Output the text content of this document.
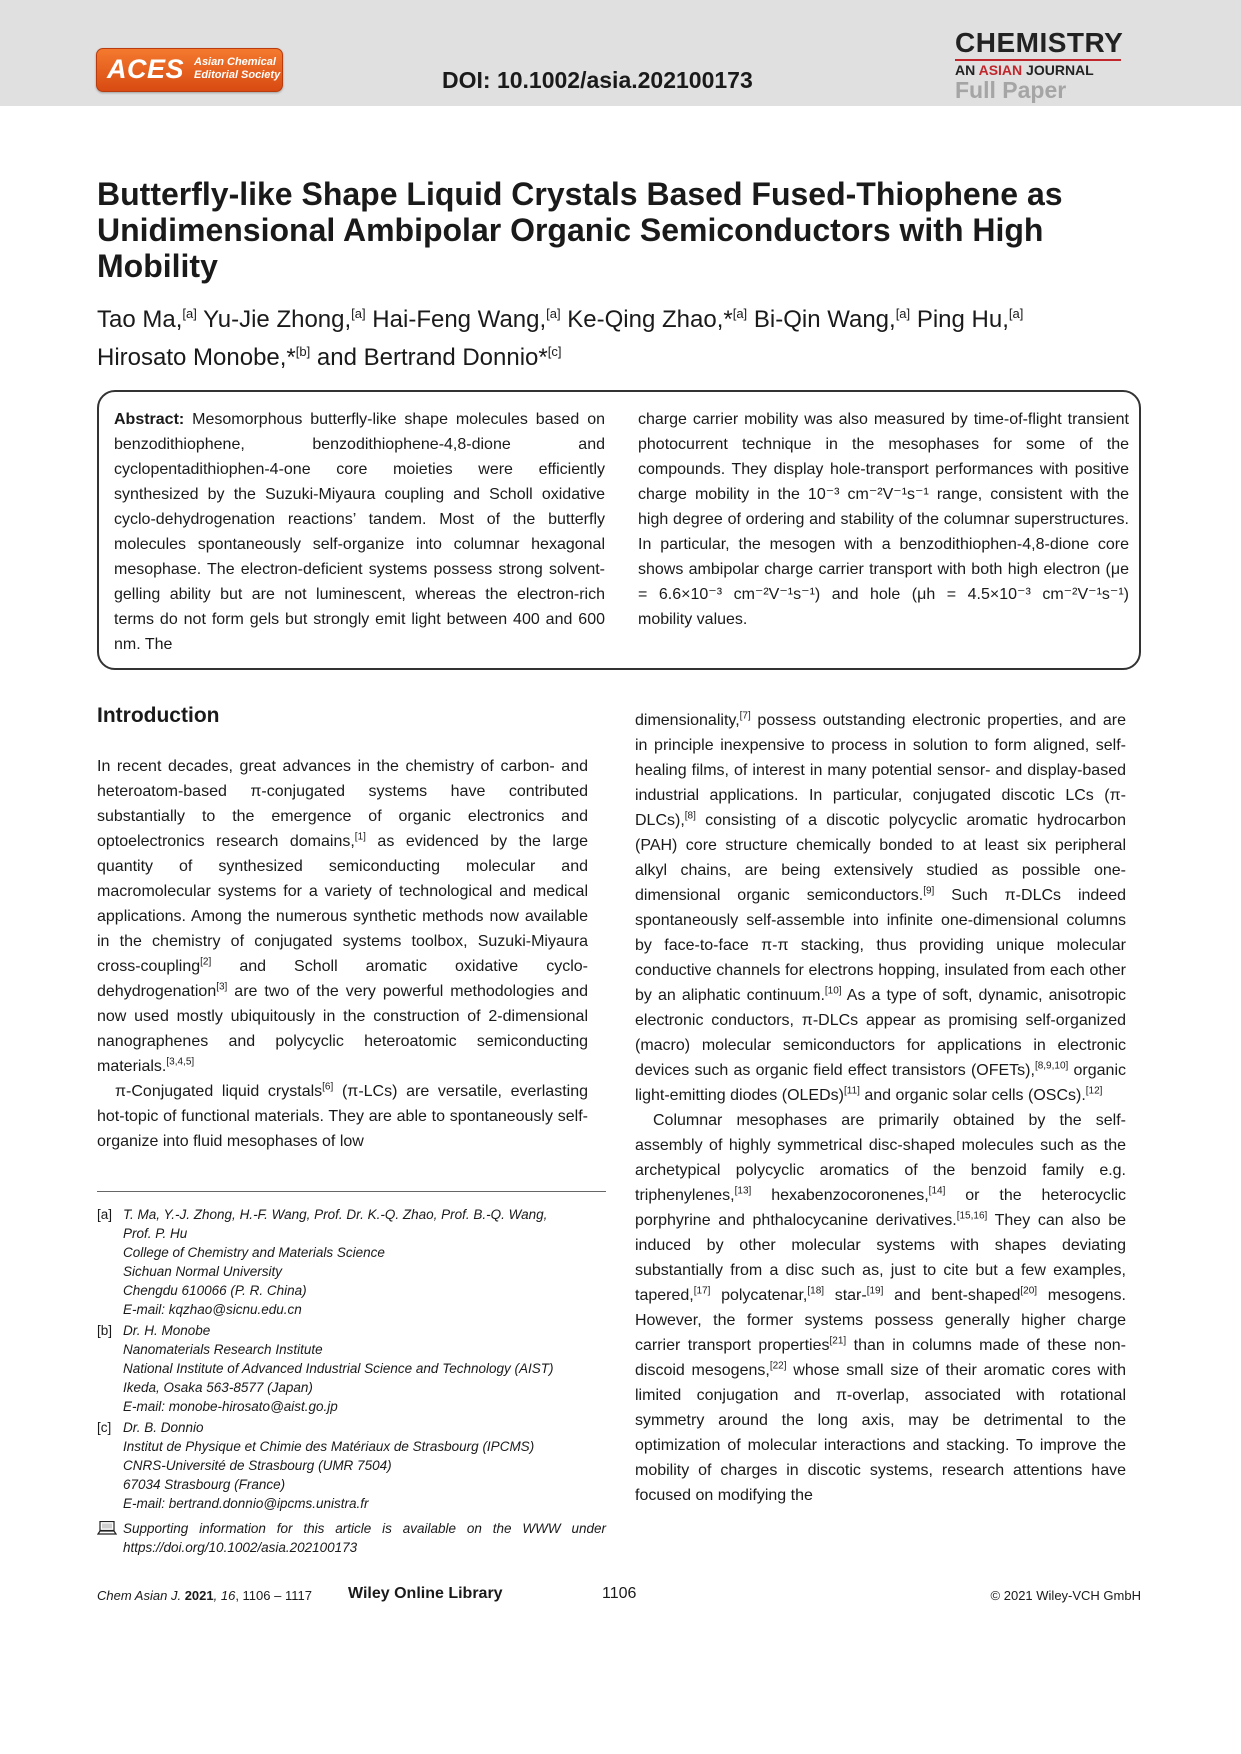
ACES Asian Chemical
Editorial Society	DOI: 10.1002/asia.202100173
CHEMISTRY
AN ASIAN JOURNAL
Full Paper
Butterfly-like Shape Liquid Crystals Based Fused-Thiophene as Unidimensional Ambipolar Organic Semiconductors with High Mobility
Tao Ma,[a] Yu-Jie Zhong,[a] Hai-Feng Wang,[a] Ke-Qing Zhao,*[a] Bi-Qin Wang,[a] Ping Hu,[a]
Hirosato Monobe,*[b] and Bertrand Donnio*[c]

Abstract: Mesomorphous butterfly-like shape molecules based on benzodithiophene, benzodithiophene-4,8-dione and cyclopentadithiophen-4-one core moieties were efficiently synthesized by the Suzuki-Miyaura coupling and Scholl oxidative cyclo-dehydrogenation reactions’ tandem. Most of the butterfly molecules spontaneously self-organize into columnar hexagonal mesophase. The electron-deficient systems possess strong solvent-gelling ability but are not luminescent, whereas the electron-rich terms do not form gels but strongly emit light between 400 and 600 nm. The

charge carrier mobility was also measured by time-of-flight transient photocurrent technique in the mesophases for some of the compounds. They display hole-transport performances with positive charge mobility in the 10⁻³ cm⁻²V⁻¹s⁻¹ range, consistent with the high degree of ordering and stability of the columnar superstructures. In particular, the mesogen with a benzodithiophen-4,8-dione core shows ambipolar charge carrier transport with both high electron (μe = 6.6×10⁻³ cm⁻²V⁻¹s⁻¹) and hole (μh = 4.5×10⁻³ cm⁻²V⁻¹s⁻¹) mobility values.

Introduction

In recent decades, great advances in the chemistry of carbon- and heteroatom-based π-conjugated systems have contributed substantially to the emergence of organic electronics and optoelectronics research domains,[1] as evidenced by the large quantity of synthesized semiconducting molecular and macromolecular systems for a variety of technological and medical applications. Among the numerous synthetic methods now available in the chemistry of conjugated systems toolbox, Suzuki-Miyaura cross-coupling[2] and Scholl aromatic oxidative cyclo-dehydrogenation[3] are two of the very powerful methodologies and now used mostly ubiquitously in the construction of 2-dimensional nanographenes and polycyclic heteroatomic semiconducting materials.[3,4,5]

π-Conjugated liquid crystals[6] (π-LCs) are versatile, everlasting hot-topic of functional materials. They are able to spontaneously self-organize into fluid mesophases of low

[a] T. Ma, Y.-J. Zhong, H.-F. Wang, Prof. Dr. K.-Q. Zhao, Prof. B.-Q. Wang,
Prof. P. Hu
College of Chemistry and Materials Science
Sichuan Normal University
Chengdu 610066 (P. R. China)
E-mail: kqzhao@sicnu.edu.cn
[b] Dr. H. Monobe
Nanomaterials Research Institute
National Institute of Advanced Industrial Science and Technology (AIST)
Ikeda, Osaka 563-8577 (Japan)
E-mail: monobe-hirosato@aist.go.jp
[c] Dr. B. Donnio
Institut de Physique et Chimie des Matériaux de Strasbourg (IPCMS)
CNRS-Université de Strasbourg (UMR 7504)
67034 Strasbourg (France)
E-mail: bertrand.donnio@ipcms.unistra.fr
Supporting information for this article is available on the WWW under https://doi.org/10.1002/asia.202100173

dimensionality,[7] possess outstanding electronic properties, and are in principle inexpensive to process in solution to form aligned, self-healing films, of interest in many potential sensor- and display-based industrial applications. In particular, conjugated discotic LCs (π-DLCs),[8] consisting of a discotic polycyclic aromatic hydrocarbon (PAH) core structure chemically bonded to at least six peripheral alkyl chains, are being extensively studied as possible one-dimensional organic semiconductors.[9] Such π-DLCs indeed spontaneously self-assemble into infinite one-dimensional columns by face-to-face π-π stacking, thus providing unique molecular conductive channels for electrons hopping, insulated from each other by an aliphatic continuum.[10] As a type of soft, dynamic, anisotropic electronic conductors, π-DLCs appear as promising self-organized (macro) molecular semiconductors for applications in electronic devices such as organic field effect transistors (OFETs),[8,9,10] organic light-emitting diodes (OLEDs)[11] and organic solar cells (OSCs).[12]

Columnar mesophases are primarily obtained by the self-assembly of highly symmetrical disc-shaped molecules such as the archetypical polycyclic aromatics of the benzoid family e.g. triphenylenes,[13] hexabenzocoronenes,[14] or the heterocyclic porphyrine and phthalocycanine derivatives.[15,16] They can also be induced by other molecular systems with shapes deviating substantially from a disc such as, just to cite but a few examples, tapered,[17] polycatenar,[18] star-[19] and bent-shaped[20] mesogens. However, the former systems possess generally higher charge carrier transport properties[21] than in columns made of these non-discoid mesogens,[22] whose small size of their aromatic cores with limited conjugation and π-overlap, associated with rotational symmetry around the long axis, may be detrimental to the optimization of molecular interactions and stacking. To improve the mobility of charges in discotic systems, research attentions have focused on modifying the

Chem Asian J. 2021, 16, 1106 – 1117 Wiley Online Library	1106	© 2021 Wiley-VCH GmbH
